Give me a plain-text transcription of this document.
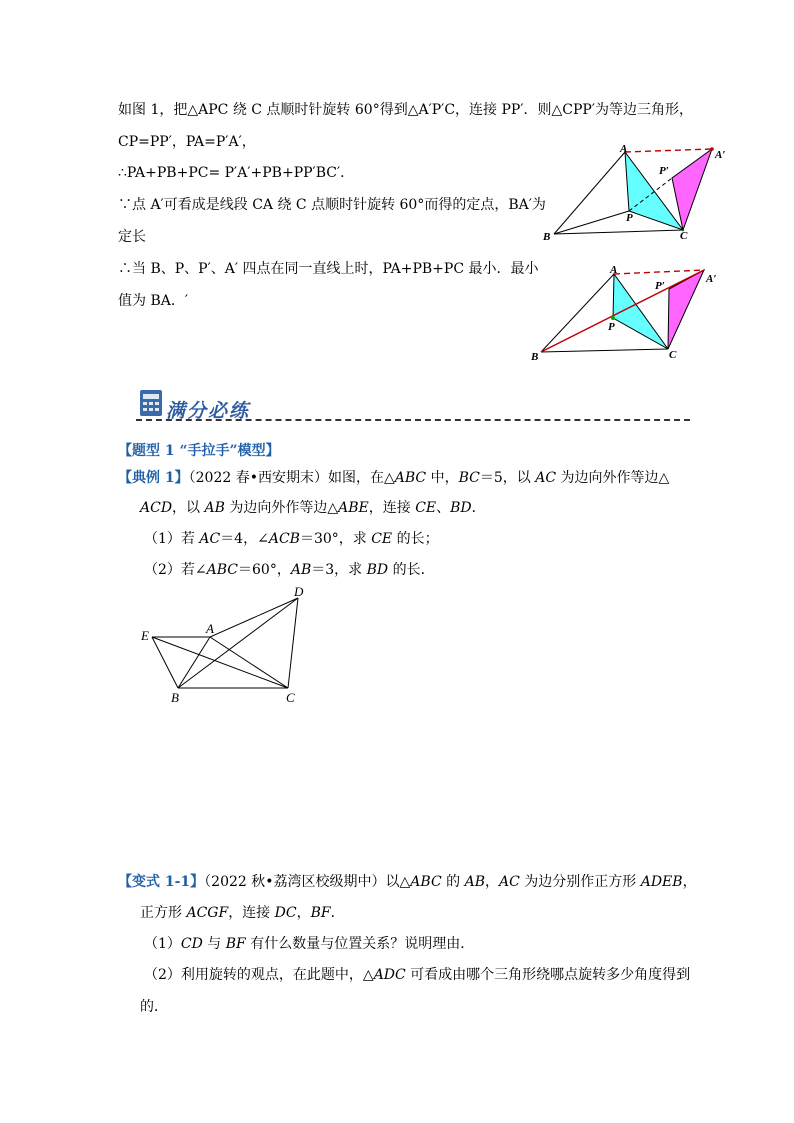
如图 1，把△APC 绕 C 点顺时针旋转 60°得到△A′P′C，连接 PP′．则△CPP′为等边三角形，
CP=PP′，PA=P′A′，
∴PA+PB+PC= P′A′+PB+PP′BC′．
∵点 A′可看成是线段 CA 绕 C 点顺时针旋转 60°而得的定点，BA′为
定长
∴当 B、P、P′、A′ 四点在同一直线上时，PA+PB+PC 最小．最小
值为 BA．′
A	A′
P′
P
B	C
A
A′
P′
P
B	C
满分必练
【题型 1 “手拉手”模型】
【典例 1】（2022 春•西安期末）如图，在△ABC 中，BC＝5，以 AC 为边向外作等边△
ACD，以 AB 为边向外作等边△ABE，连接 CE、BD．
（1）若 AC＝4，∠ACB＝30°，求 CE 的长；
（2）若∠ABC＝60°，AB＝3，求 BD 的长．
D
E	A
B	C
【变式 1-1】（2022 秋•荔湾区校级期中）以△ABC 的 AB，AC 为边分别作正方形 ADEB，
正方形 ACGF，连接 DC，BF．
（1）CD 与 BF 有什么数量与位置关系？说明理由．
（2）利用旋转的观点，在此题中，△ADC 可看成由哪个三角形绕哪点旋转多少角度得到
的．
